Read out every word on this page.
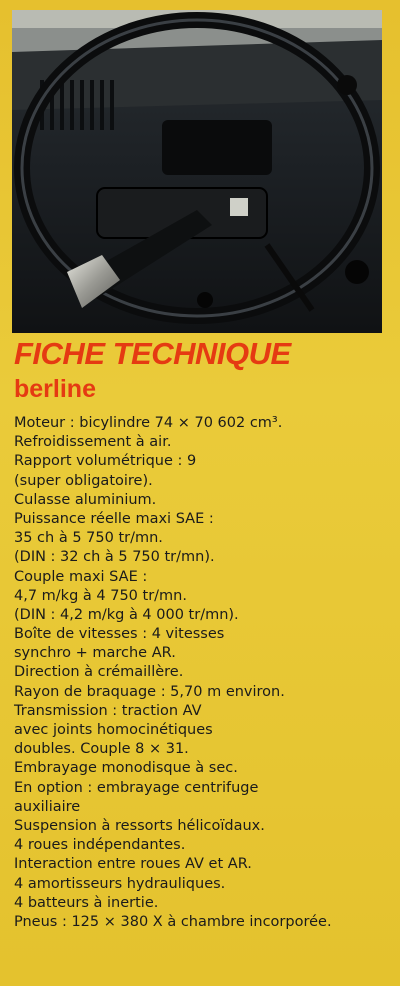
FICHE TECHNIQUE
berline
Moteur : bicylindre 74 × 70 602 cm³.
Refroidissement à air.
Rapport volumétrique : 9
(super obligatoire).
Culasse aluminium.
Puissance réelle maxi SAE :
35 ch à 5 750 tr/mn.
(DIN : 32 ch à 5 750 tr/mn).
Couple maxi SAE :
4,7 m/kg à 4 750 tr/mn.
(DIN : 4,2 m/kg à 4 000 tr/mn).
Boîte de vitesses : 4 vitesses
synchro + marche AR.
Direction à crémaillère.
Rayon de braquage : 5,70 m environ.
Transmission : traction AV
avec joints homocinétiques
doubles. Couple 8 × 31.
Embrayage monodisque à sec.
En option : embrayage centrifuge
auxiliaire
Suspension à ressorts hélicoïdaux.
4 roues indépendantes.
Interaction entre roues AV et AR.
4 amortisseurs hydrauliques.
4 batteurs à inertie.
Pneus : 125 × 380 X à chambre incorporée.
